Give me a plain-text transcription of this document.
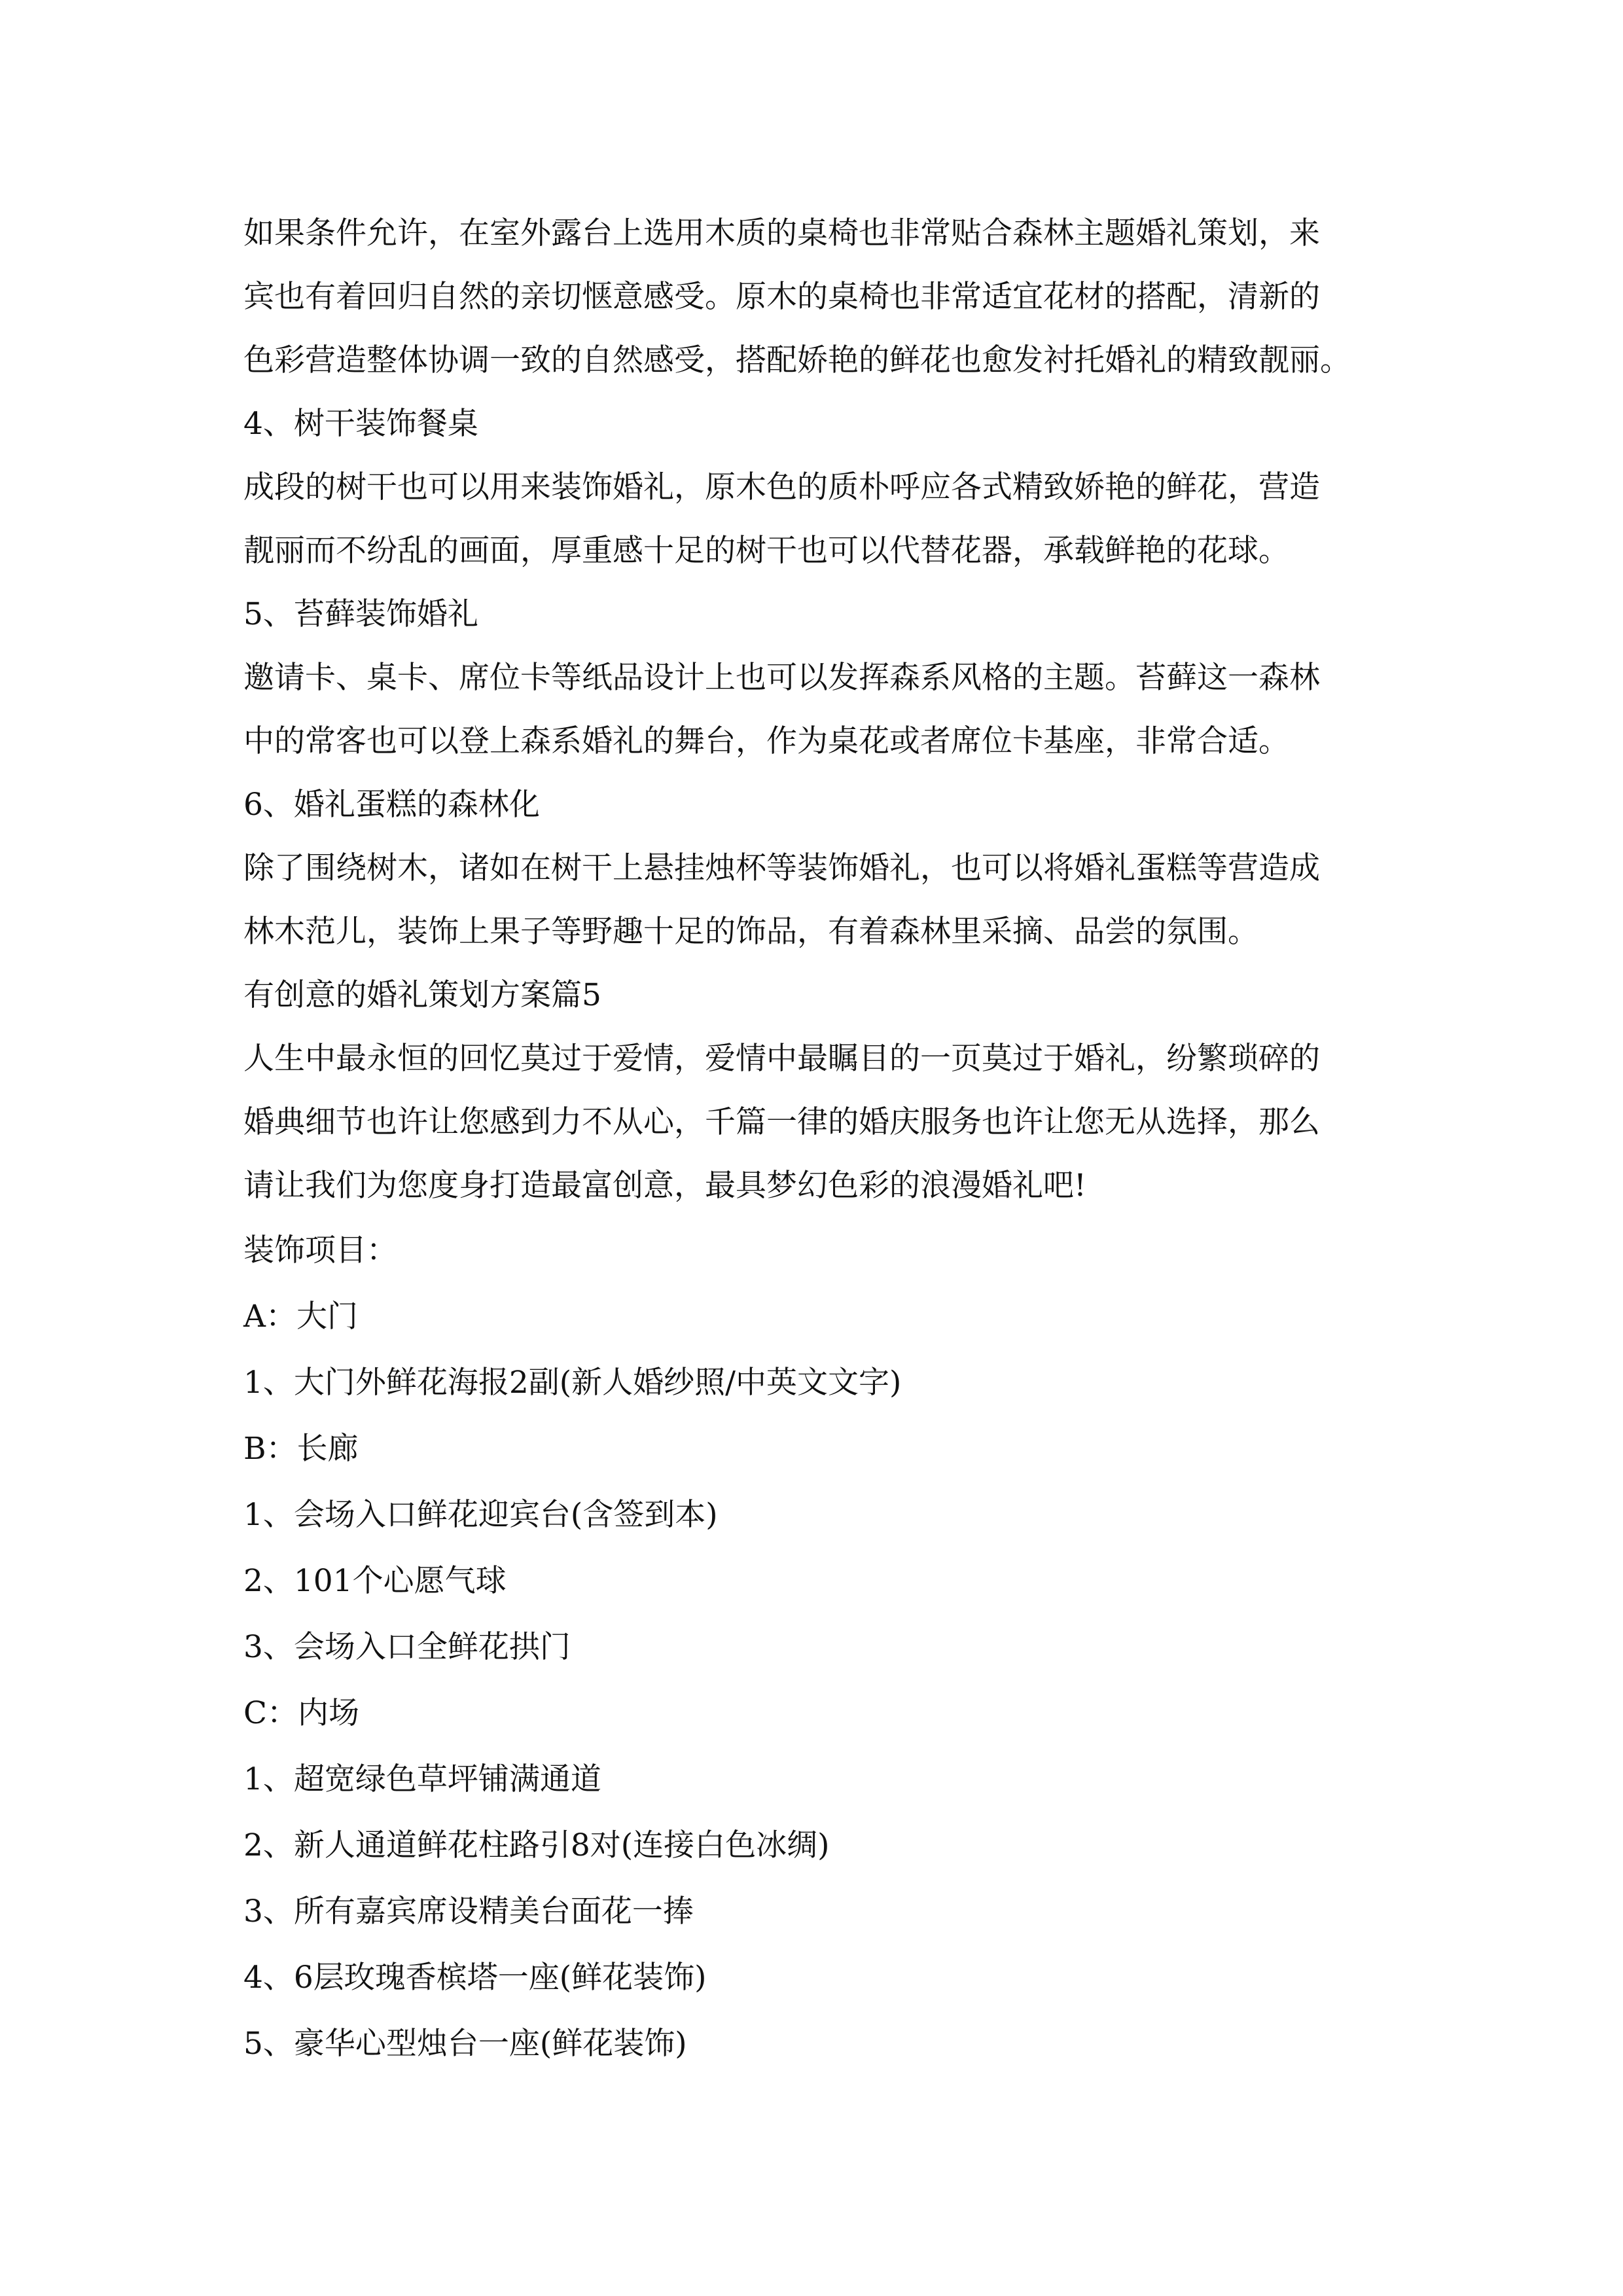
如果条件允许，在室外露台上选用木质的桌椅也非常贴合森林主题婚礼策划，来
宾也有着回归自然的亲切惬意感受。原木的桌椅也非常适宜花材的搭配，清新的
色彩营造整体协调一致的自然感受，搭配娇艳的鲜花也愈发衬托婚礼的精致靓丽。
4、树干装饰餐桌
成段的树干也可以用来装饰婚礼，原木色的质朴呼应各式精致娇艳的鲜花，营造
靓丽而不纷乱的画面，厚重感十足的树干也可以代替花器，承载鲜艳的花球。
5、苔藓装饰婚礼
邀请卡、桌卡、席位卡等纸品设计上也可以发挥森系风格的主题。苔藓这一森林
中的常客也可以登上森系婚礼的舞台，作为桌花或者席位卡基座，非常合适。
6、婚礼蛋糕的森林化
除了围绕树木，诸如在树干上悬挂烛杯等装饰婚礼，也可以将婚礼蛋糕等营造成
林木范儿，装饰上果子等野趣十足的饰品，有着森林里采摘、品尝的氛围。
有创意的婚礼策划方案篇5
人生中最永恒的回忆莫过于爱情，爱情中最瞩目的一页莫过于婚礼，纷繁琐碎的
婚典细节也许让您感到力不从心，千篇一律的婚庆服务也许让您无从选择，那么
请让我们为您度身打造最富创意，最具梦幻色彩的浪漫婚礼吧!
装饰项目：
A：大门
1、大门外鲜花海报2副(新人婚纱照/中英文文字)
B：长廊
1、会场入口鲜花迎宾台(含签到本)
2、101个心愿气球
3、会场入口全鲜花拱门
C：内场
1、超宽绿色草坪铺满通道
2、新人通道鲜花柱路引8对(连接白色冰绸)
3、所有嘉宾席设精美台面花一捧
4、6层玫瑰香槟塔一座(鲜花装饰)
5、豪华心型烛台一座(鲜花装饰)
